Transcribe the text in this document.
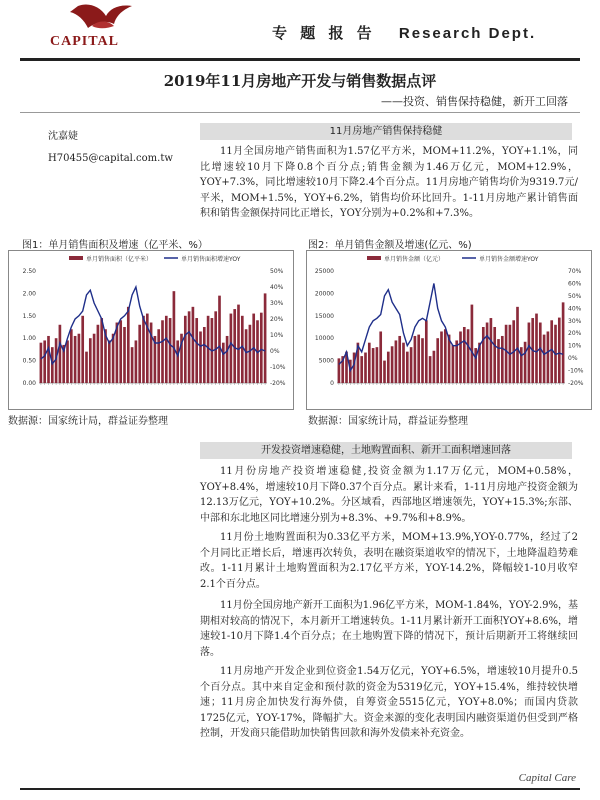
CAPITAL	专 题 报 告 Research Dept.
2019年11月房地产开发与销售数据点评
——投资、销售保持稳健，新开工回落
沈嘉婕
H70455@capital.com.tw
11月房地产销售保持稳健
11月全国房地产销售面积为1.57亿平方米，MOM+11.2%，YOY+1.1%，同比增速较10月下降0.8个百分点;销售金额为1.46万亿元，MOM+12.9%，YOY+7.3%，同比增速较10月下降2.4个百分点。11月房地产销售均价为9319.7元/平米，MOM+1.5%，YOY+6.2%，销售均价环比回升。1-11月房地产累计销售面积和销售金额保持同比正增长，YOY分别为+0.2%和+7.3%。
图1：单月销售面积及增速（亿平米、%）	图2：单月销售金额及增速(亿元、%)
单月销售面积（亿平米）	单月销售面积增速YOY
0.00
0.50
1.00
1.50
2.00
2.50
-20%
-10%
0%
10%
20%
30%
40%
50%
单月销售金额（亿元）	单月销售金额增速YOY
0
5000
10000
15000
20000
25000
-20%
-10%
0%
10%
20%
30%
40%
50%
60%
70%
数据源：国家统计局，群益证券整理	数据源：国家统计局，群益证券整理
开发投资增速稳健，土地购置面积、新开工面积增速回落
11月份房地产投资增速稳健,投资金额为1.17万亿元，MOM+0.58%，YOY+8.4%，增速较10月下降0.37个百分点。累计来看，1-11月房地产投资金额为12.13万亿元，YOY+10.2%。分区域看，西部地区增速领先，YOY+15.3%;东部、中部和东北地区同比增速分别为+8.3%、+9.7%和+8.9%。
11月份土地购置面积为0.33亿平方米，MOM+13.9%,YOY-0.77%，经过了2个月同比正增长后，增速再次转负，表明在融资渠道收窄的情况下，土地降温趋势难改。1-11月累计土地购置面积为2.17亿平方米，YOY-14.2%，降幅较1-10月收窄2.1个百分点。
11月份全国房地产新开工面积为1.96亿平方米，MOM-1.84%，YOY-2.9%，基期相对较高的情况下，本月新开工增速转负。1-11月累计新开工面积YOY+8.6%，增速较1-10月下降1.4个百分点；在土地购置下降的情况下，预计后期新开工将继续回落。
11月房地产开发企业到位资金1.54万亿元，YOY+6.5%，增速较10月提升0.5个百分点。其中来自定金和预付款的资金为5319亿元，YOY+15.4%，维持较快增速；11月房企加快发行海外债，自筹资金5515亿元，YOY+8.0%；而国内贷款1725亿元，YOY-17%，降幅扩大。资金来源的变化表明国内融资渠道仍但受到严格控制，开发商只能借助加快销售回款和海外发债来补充资金。
Capital Care
